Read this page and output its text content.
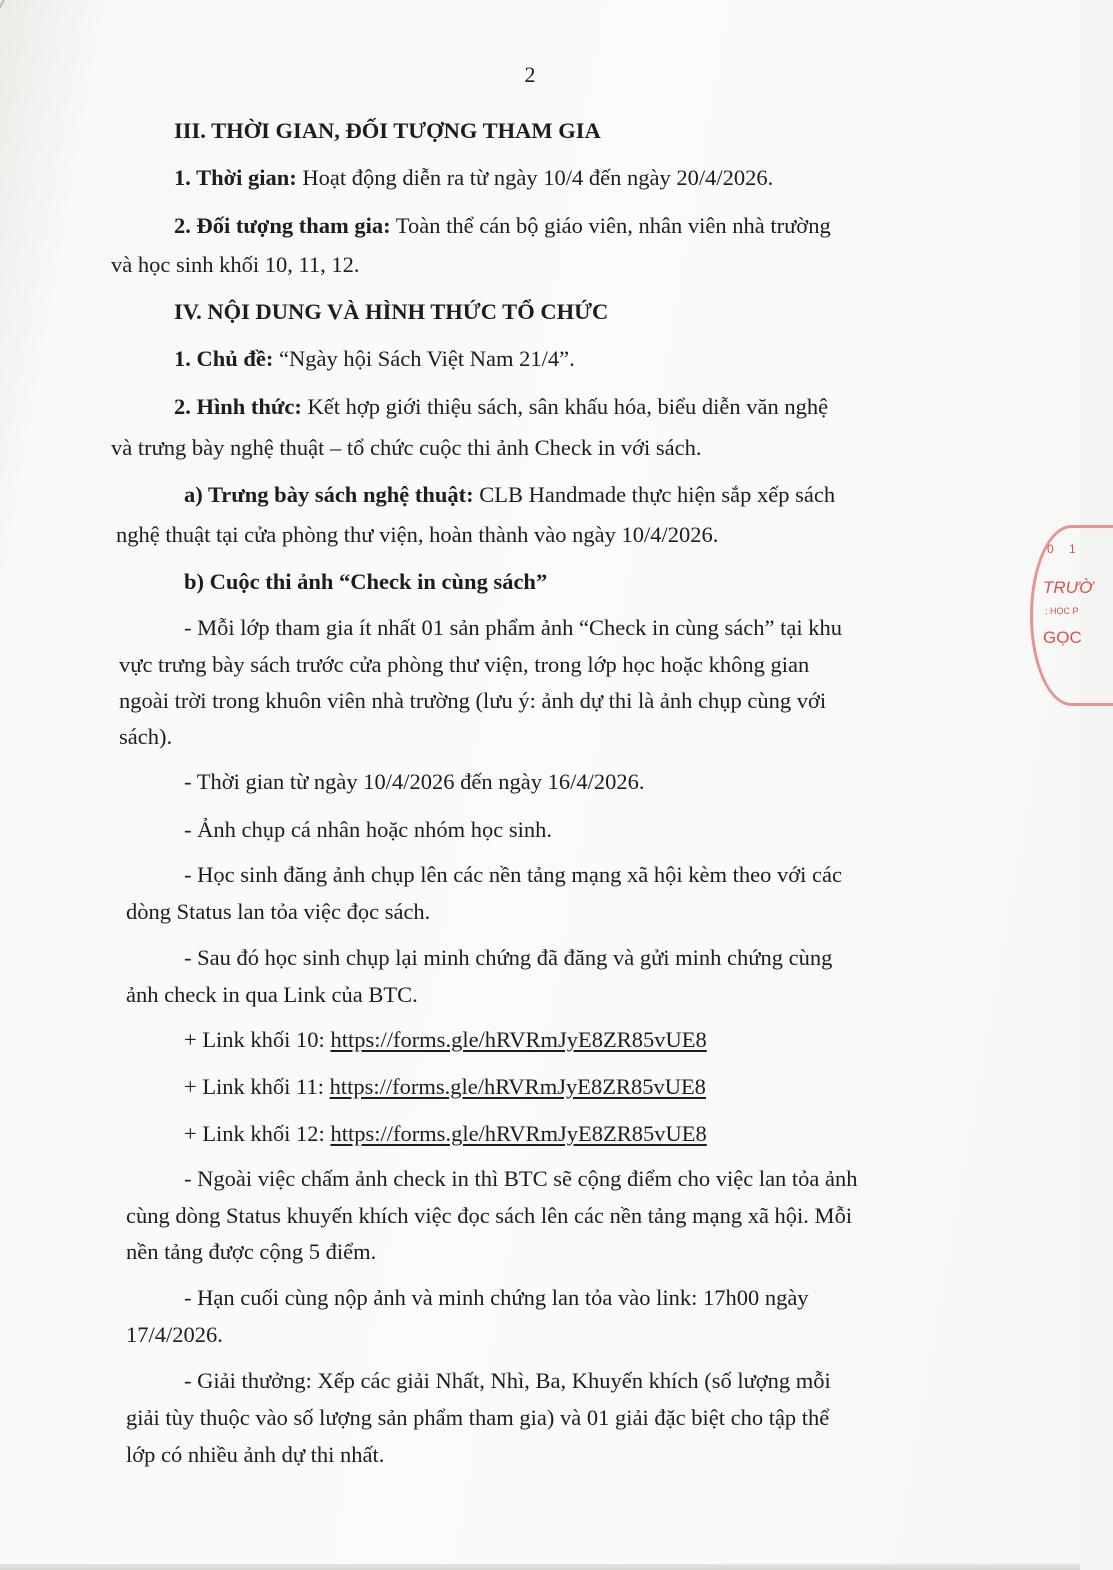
2
III. THỜI GIAN, ĐỐI TƯỢNG THAM GIA
1. Thời gian: Hoạt động diễn ra từ ngày 10/4 đến ngày 20/4/2026.
2. Đối tượng tham gia: Toàn thể cán bộ giáo viên, nhân viên nhà trường
và học sinh khối 10, 11, 12.
IV. NỘI DUNG VÀ HÌNH THỨC TỔ CHỨC
1. Chủ đề: “Ngày hội Sách Việt Nam 21/4”.
2. Hình thức: Kết hợp giới thiệu sách, sân khấu hóa, biểu diễn văn nghệ
và trưng bày nghệ thuật – tổ chức cuộc thi ảnh Check in với sách.
a) Trưng bày sách nghệ thuật: CLB Handmade thực hiện sắp xếp sách
nghệ thuật tại cửa phòng thư viện, hoàn thành vào ngày 10/4/2026.
b) Cuộc thi ảnh “Check in cùng sách”
- Mỗi lớp tham gia ít nhất 01 sản phẩm ảnh “Check in cùng sách” tại khu
vực trưng bày sách trước cửa phòng thư viện, trong lớp học hoặc không gian
ngoài trời trong khuôn viên nhà trường (lưu ý: ảnh dự thi là ảnh chụp cùng với
sách).
- Thời gian từ ngày 10/4/2026 đến ngày 16/4/2026.
- Ảnh chụp cá nhân hoặc nhóm học sinh.
- Học sinh đăng ảnh chụp lên các nền tảng mạng xã hội kèm theo với các
dòng Status lan tỏa việc đọc sách.
- Sau đó học sinh chụp lại minh chứng đã đăng và gửi minh chứng cùng
ảnh check in qua Link của BTC.
+ Link khối 10: https://forms.gle/hRVRmJyE8ZR85vUE8
+ Link khối 11: https://forms.gle/hRVRmJyE8ZR85vUE8
+ Link khối 12: https://forms.gle/hRVRmJyE8ZR85vUE8
- Ngoài việc chấm ảnh check in thì BTC sẽ cộng điểm cho việc lan tỏa ảnh
cùng dòng Status khuyến khích việc đọc sách lên các nền tảng mạng xã hội. Mỗi
nền tảng được cộng 5 điểm.
- Hạn cuối cùng nộp ảnh và minh chứng lan tỏa vào link: 17h00 ngày
17/4/2026.
- Giải thưởng: Xếp các giải Nhất, Nhì, Ba, Khuyến khích (số lượng mỗi
giải tùy thuộc vào số lượng sản phẩm tham gia) và 01 giải đặc biệt cho tập thể
lớp có nhiều ảnh dự thi nhất.
0 1
TRƯỜ
; HỌC P
GỌC
